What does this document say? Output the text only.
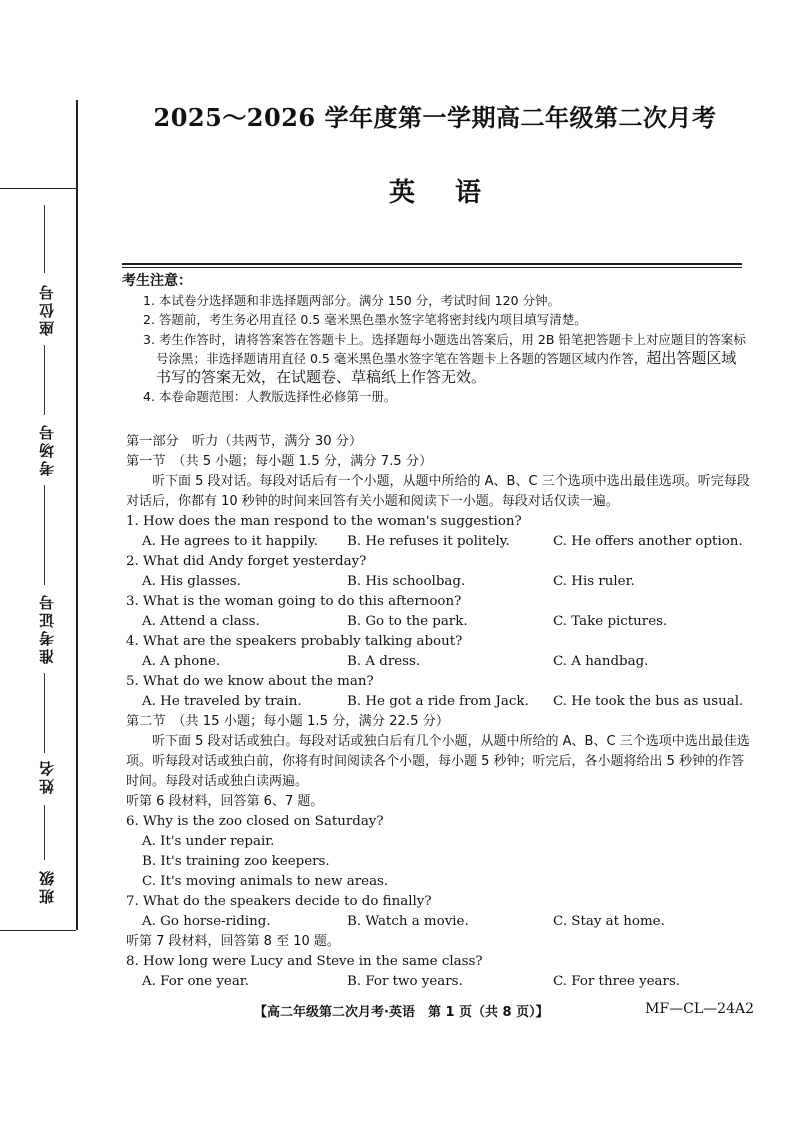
座位号
考场号
准考证号
姓名
班级
2025～2026 学年度第一学期高二年级第二次月考
英语
考生注意：
1. 本试卷分选择题和非选择题两部分。满分 150 分，考试时间 120 分钟。
2. 答题前，考生务必用直径 0.5 毫米黑色墨水签字笔将密封线内项目填写清楚。
3. 考生作答时，请将答案答在答题卡上。选择题每小题选出答案后，用 2B 铅笔把答题卡上对应题目的答案标号涂黑；非选择题请用直径 0.5 毫米黑色墨水签字笔在答题卡上各题的答题区域内作答，超出答题区域书写的答案无效，在试题卷、草稿纸上作答无效。
4. 本卷命题范围：人教版选择性必修第一册。
第一部分　听力（共两节，满分 30 分）
第一节　（共 5 小题；每小题 1.5 分，满分 7.5 分）
听下面 5 段对话。每段对话后有一个小题，从题中所给的 A、B、C 三个选项中选出最佳选项。听完每段对话后，你都有 10 秒钟的时间来回答有关小题和阅读下一小题。每段对话仅读一遍。
1. How does the man respond to the woman's suggestion?
A. He agrees to it happily.	B. He refuses it politely.	C. He offers another option.
2. What did Andy forget yesterday?
A. His glasses.	B. His schoolbag.	C. His ruler.
3. What is the woman going to do this afternoon?
A. Attend a class.	B. Go to the park.	C. Take pictures.
4. What are the speakers probably talking about?
A. A phone.	B. A dress.	C. A handbag.
5. What do we know about the man?
A. He traveled by train.	B. He got a ride from Jack.	C. He took the bus as usual.
第二节　（共 15 小题；每小题 1.5 分，满分 22.5 分）
听下面 5 段对话或独白。每段对话或独白后有几个小题，从题中所给的 A、B、C 三个选项中选出最佳选项。听每段对话或独白前，你将有时间阅读各个小题，每小题 5 秒钟；听完后，各小题将给出 5 秒钟的作答时间。每段对话或独白读两遍。
听第 6 段材料，回答第 6、7 题。
6. Why is the zoo closed on Saturday?
A. It's under repair.
B. It's training zoo keepers.
C. It's moving animals to new areas.
7. What do the speakers decide to do finally?
A. Go horse-riding.	B. Watch a movie.	C. Stay at home.
听第 7 段材料，回答第 8 至 10 题。
8. How long were Lucy and Steve in the same class?
A. For one year.	B. For two years.	C. For three years.
【高二年级第二次月考·英语　第 1 页（共 8 页）】	MF—CL—24A2
